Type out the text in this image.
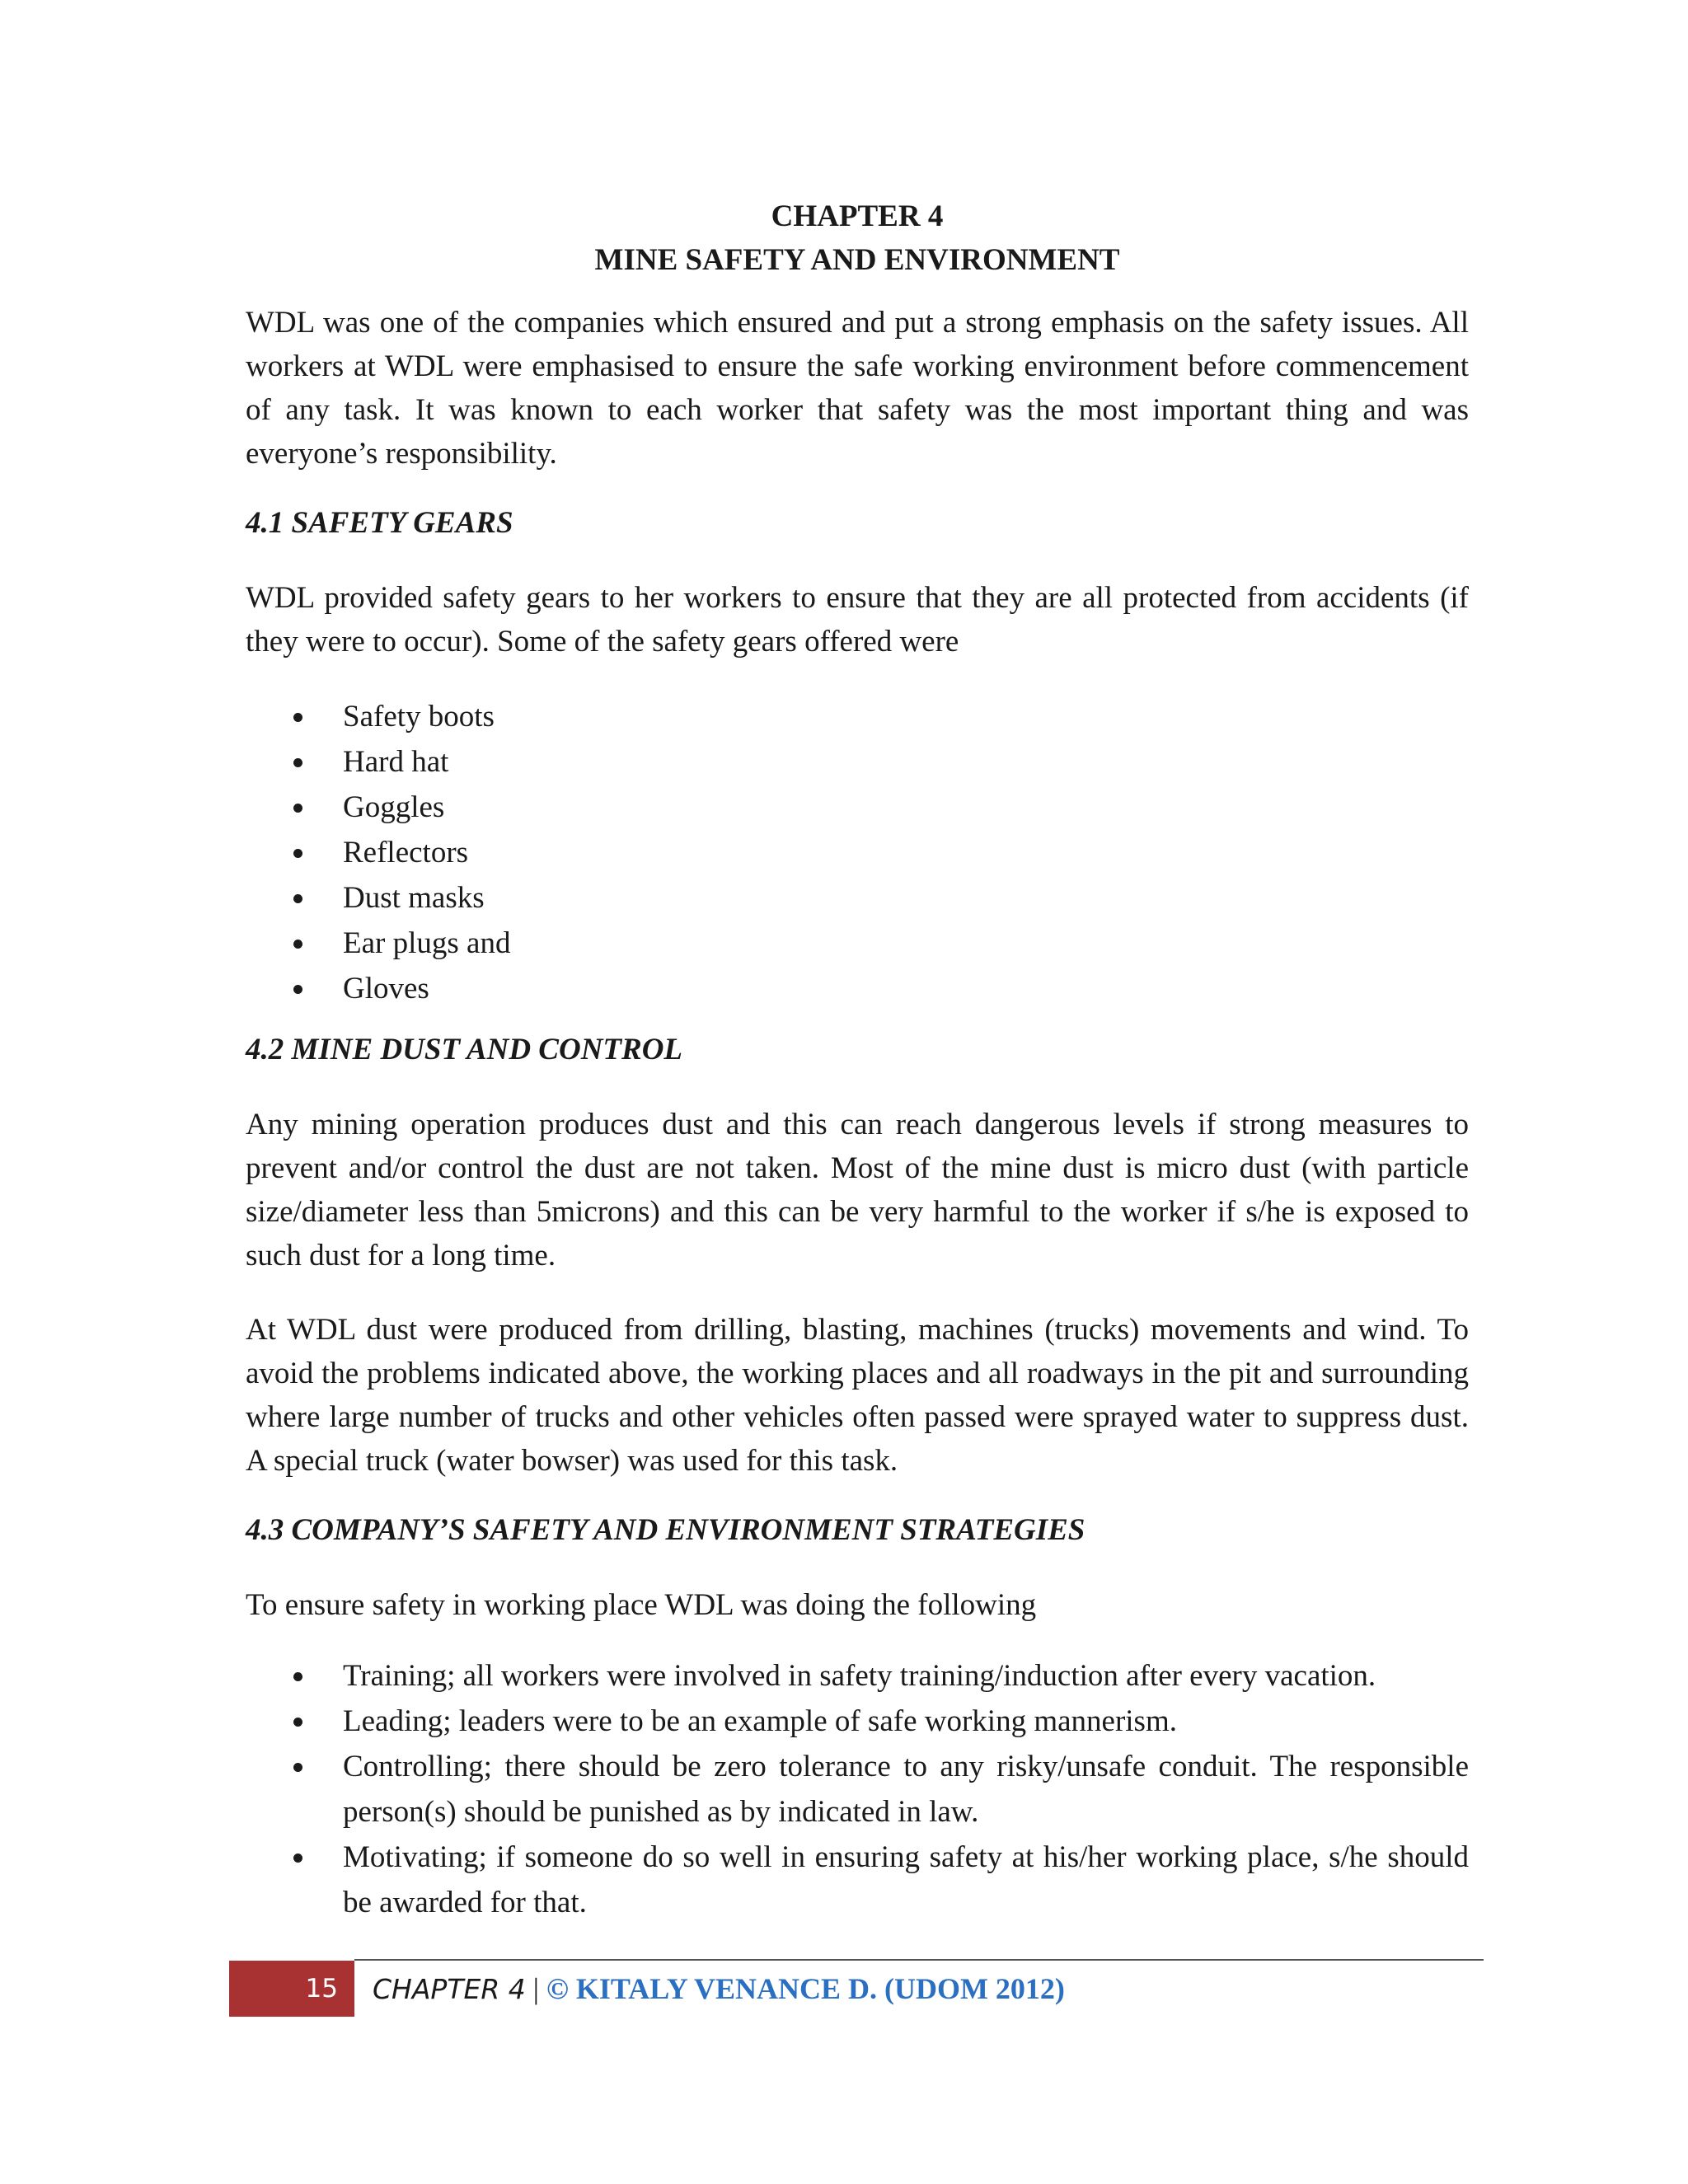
CHAPTER 4

MINE SAFETY AND ENVIRONMENT

WDL was one of the companies which ensured and put a strong emphasis on the safety issues. All workers at WDL were emphasised to ensure the safe working environment before commencement of any task. It was known to each worker that safety was the most important thing and was everyone’s responsibility.

4.1 SAFETY GEARS

WDL provided safety gears to her workers to ensure that they are all protected from accidents (if they were to occur). Some of the safety gears offered were

Safety boots
Hard hat
Goggles
Reflectors
Dust masks
Ear plugs and
Gloves

4.2 MINE DUST AND CONTROL

Any mining operation produces dust and this can reach dangerous levels if strong measures to prevent and/or control the dust are not taken. Most of the mine dust is micro dust (with particle size/diameter less than 5microns) and this can be very harmful to the worker if s/he is exposed to such dust for a long time.

At WDL dust were produced from drilling, blasting, machines (trucks) movements and wind. To avoid the problems indicated above, the working places and all roadways in the pit and surrounding where large number of trucks and other vehicles often passed were sprayed water to suppress dust. A special truck (water bowser) was used for this task.

4.3 COMPANY’S SAFETY AND ENVIRONMENT STRATEGIES

To ensure safety in working place WDL was doing the following

Training; all workers were involved in safety training/induction after every vacation.
Leading; leaders were to be an example of safe working mannerism.
Controlling; there should be zero tolerance to any risky/unsafe conduit. The responsible person(s) should be punished as by indicated in law.
Motivating; if someone do so well in ensuring safety at his/her working place, s/he should be awarded for that.
15	CHAPTER 4 | © KITALY VENANCE D. (UDOM 2012)
